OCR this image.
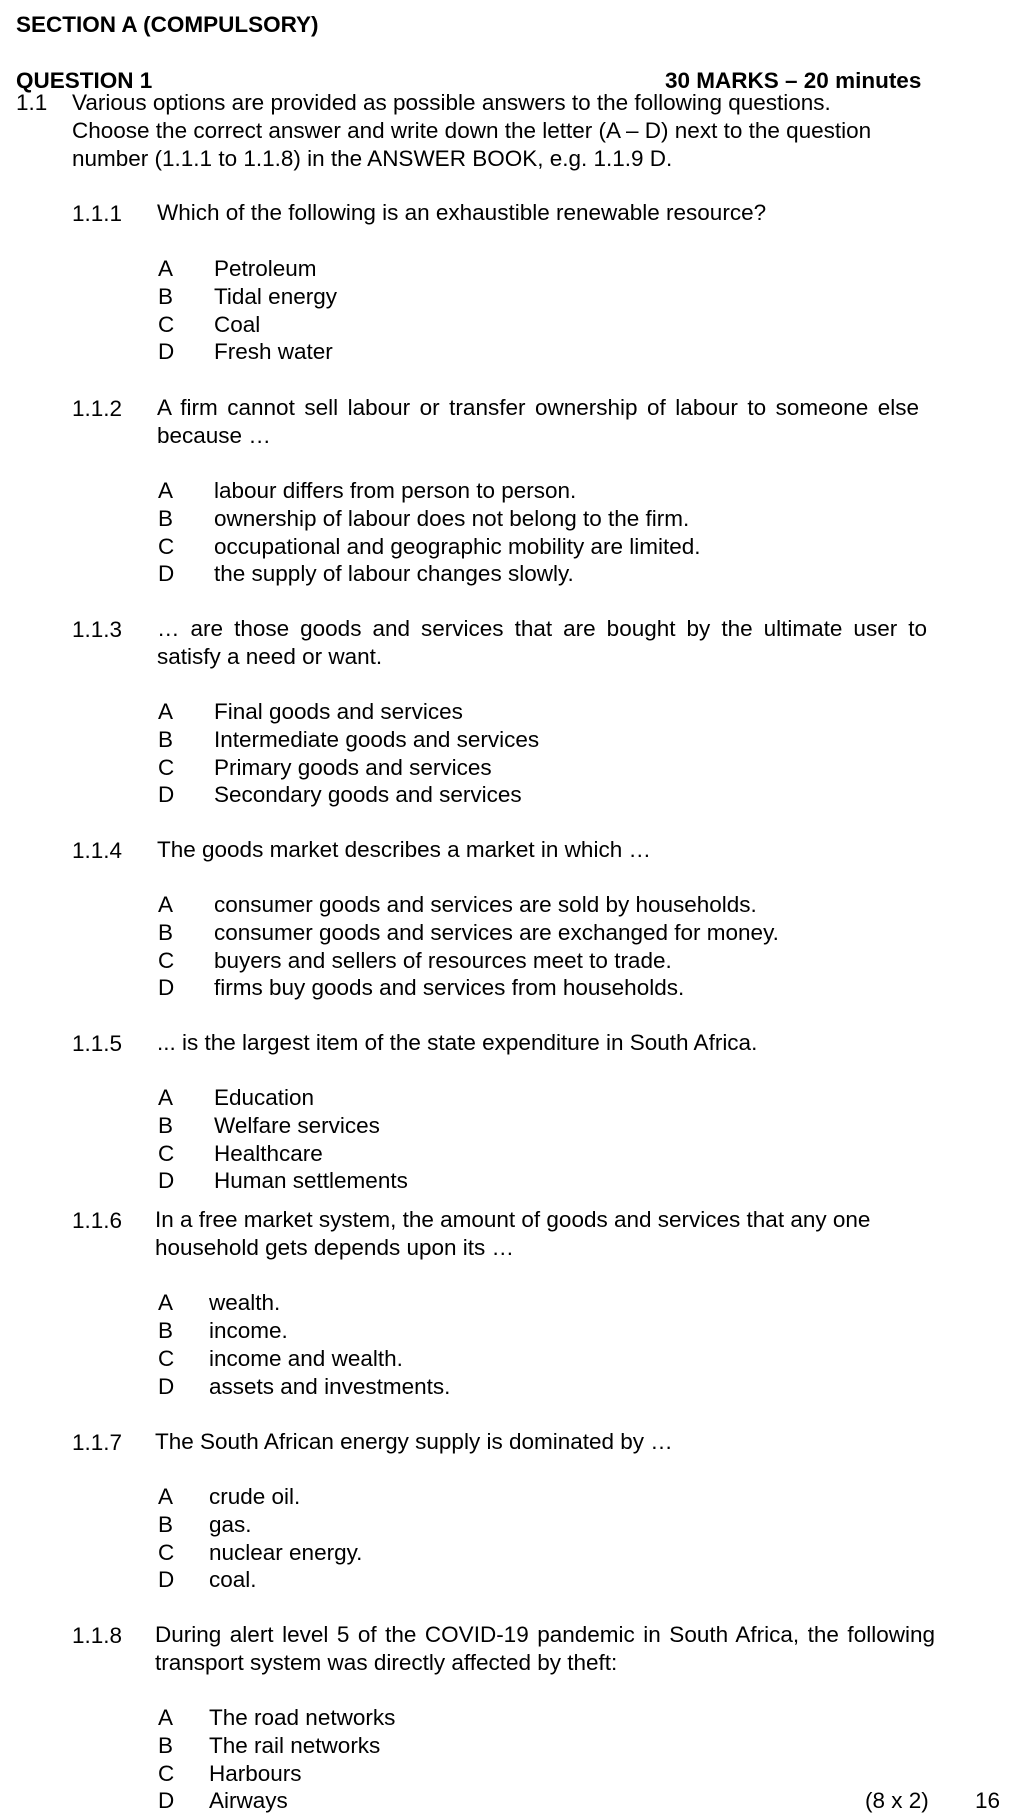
SECTION A (COMPULSORY)
QUESTION 1	30 MARKS – 20 minutes
1.1 Various options are provided as possible answers to the following questions.
Choose the correct answer and write down the letter (A – D) next to the question
number (1.1.1 to 1.1.8) in the ANSWER BOOK, e.g. 1.1.9 D.
1.1.1 Which of the following is an exhaustible renewable resource?
A Petroleum
B Tidal energy
C Coal
D Fresh water
1.1.2 A firm cannot sell labour or transfer ownership of labour to someone else because …
A labour differs from person to person.
B ownership of labour does not belong to the firm.
C occupational and geographic mobility are limited.
D the supply of labour changes slowly.
1.1.3 … are those goods and services that are bought by the ultimate user to satisfy a need or want.
A Final goods and services
B Intermediate goods and services
C Primary goods and services
D Secondary goods and services
1.1.4 The goods market describes a market in which …
A consumer goods and services are sold by households.
B consumer goods and services are exchanged for money.
C buyers and sellers of resources meet to trade.
D firms buy goods and services from households.
1.1.5 ... is the largest item of the state expenditure in South Africa.
A Education
B Welfare services
C Healthcare
D Human settlements
1.1.6 In a free market system, the amount of goods and services that any one household gets depends upon its …
A wealth.
B income.
C income and wealth.
D assets and investments.
1.1.7 The South African energy supply is dominated by …
A crude oil.
B gas.
C nuclear energy.
D coal.
1.1.8 During alert level 5 of the COVID-19 pandemic in South Africa, the following transport system was directly affected by theft:
A The road networks
B The rail networks
C Harbours
D Airways	(8 x 2) 16
